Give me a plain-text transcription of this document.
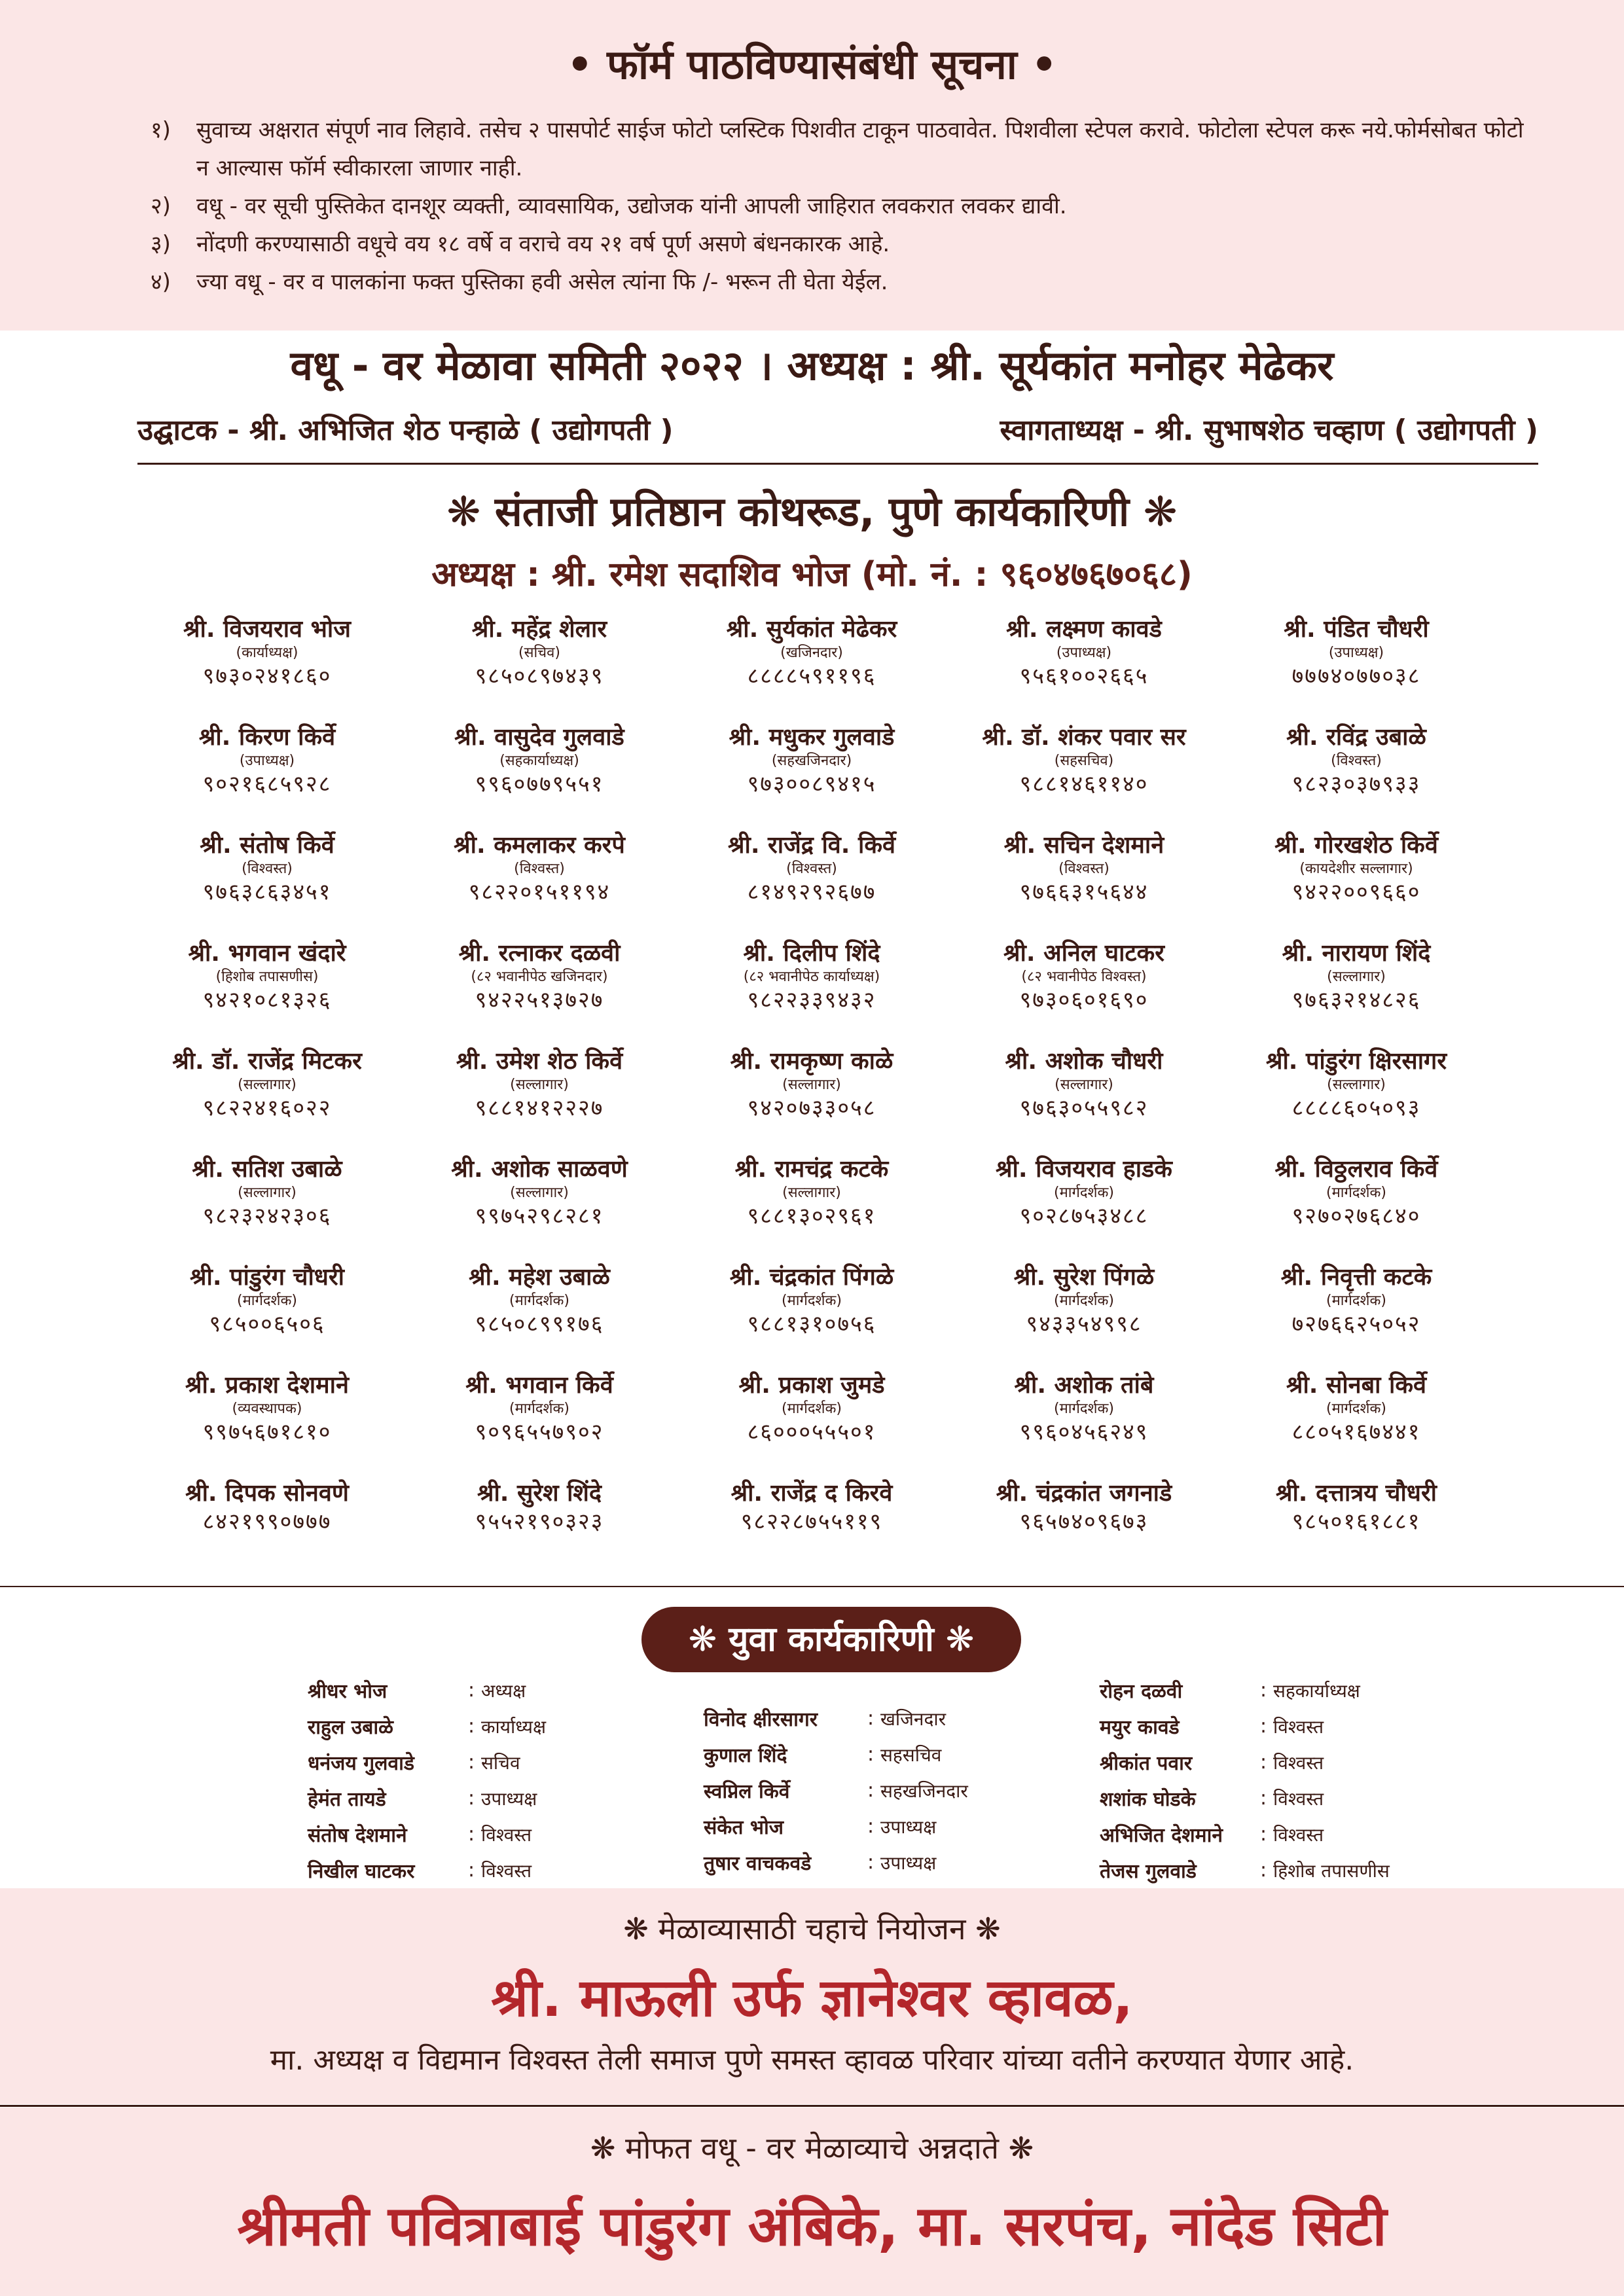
• फॉर्म पाठविण्यासंबंधी सूचना •
१)	सुवाच्य अक्षरात संपूर्ण नाव लिहावे. तसेच २ पासपोर्ट साईज फोटो प्लस्टिक पिशवीत टाकून पाठवावेत. पिशवीला स्टेपल करावे. फोटोला स्टेपल करू नये.फोर्मसोबत फोटो न आल्यास फॉर्म स्वीकारला जाणार नाही.
२)	वधू - वर सूची पुस्तिकेत दानशूर व्यक्ती, व्यावसायिक, उद्योजक यांनी आपली जाहिरात लवकरात लवकर द्यावी.
३)	नोंदणी करण्यासाठी वधूचे वय १८ वर्षे व वराचे वय २१ वर्ष पूर्ण असणे बंधनकारक आहे.
४)	ज्या वधू - वर व पालकांना फक्त पुस्तिका हवी असेल त्यांना फि /- भरून ती घेता येईल.
वधू - वर मेळावा समिती २०२२ । अध्यक्ष : श्री. सूर्यकांत मनोहर मेढेकर
उद्घाटक - श्री. अभिजित शेठ पन्हाळे ( उद्योगपती )	स्वागताध्यक्ष - श्री. सुभाषशेठ चव्हाण ( उद्योगपती )
❋ संताजी प्रतिष्ठान कोथरूड, पुणे कार्यकारिणी ❋
अध्यक्ष : श्री. रमेश सदाशिव भोज (मो. नं. : ९६०४७६७०६८)
श्री. विजयराव भोज
(कार्याध्यक्ष)
९७३०२४१८६०
श्री. महेंद्र शेलार
(सचिव)
९८५०८९७४३९
श्री. सुर्यकांत मेढेकर
(खजिनदार)
८८८८५९११९६
श्री. लक्ष्मण कावडे
(उपाध्यक्ष)
९५६१००२६६५
श्री. पंडित चौधरी
(उपाध्यक्ष)
७७७४०७७०३८
श्री. किरण किर्वे
(उपाध्यक्ष)
९०२१६८५९२८
श्री. वासुदेव गुलवाडे
(सहकार्याध्यक्ष)
९९६०७७९५५१
श्री. मधुकर गुलवाडे
(सहखजिनदार)
९७३००८९४१५
श्री. डॉ. शंकर पवार सर
(सहसचिव)
९८८१४६११४०
श्री. रविंद्र उबाळे
(विश्वस्त)
९८२३०३७९३३
श्री. संतोष किर्वे
(विश्वस्त)
९७६३८६३४५१
श्री. कमलाकर करपे
(विश्वस्त)
९८२२०१५११९४
श्री. राजेंद्र वि. किर्वे
(विश्वस्त)
८१४९२९२६७७
श्री. सचिन देशमाने
(विश्वस्त)
९७६६३१५६४४
श्री. गोरखशेठ किर्वे
(कायदेशीर सल्लागार)
९४२२००९६६०
श्री. भगवान खंदारे
(हिशोब तपासणीस)
९४२१०८१३२६
श्री. रत्नाकर दळवी
(८२ भवानीपेठ खजिनदार)
९४२२५१३७२७
श्री. दिलीप शिंदे
(८२ भवानीपेठ कार्याध्यक्ष)
९८२२३३९४३२
श्री. अनिल घाटकर
(८२ भवानीपेठ विश्वस्त)
९७३०६०१६९०
श्री. नारायण शिंदे
(सल्लागार)
९७६३२१४८२६
श्री. डॉ. राजेंद्र मिटकर
(सल्लागार)
९८२२४१६०२२
श्री. उमेश शेठ किर्वे
(सल्लागार)
९८८१४१२२२७
श्री. रामकृष्ण काळे
(सल्लागार)
९४२०७३३०५८
श्री. अशोक चौधरी
(सल्लागार)
९७६३०५५९८२
श्री. पांडुरंग क्षिरसागर
(सल्लागार)
८८८८६०५०९३
श्री. सतिश उबाळे
(सल्लागार)
९८२३२४२३०६
श्री. अशोक साळवणे
(सल्लागार)
९९७५२९८२८१
श्री. रामचंद्र कटके
(सल्लागार)
९८८१३०२९६१
श्री. विजयराव हाडके
(मार्गदर्शक)
९०२८७५३४८८
श्री. विठ्ठलराव किर्वे
(मार्गदर्शक)
९२७०२७६८४०
श्री. पांडुरंग चौधरी
(मार्गदर्शक)
९८५००६५०६
श्री. महेश उबाळे
(मार्गदर्शक)
९८५०८९९१७६
श्री. चंद्रकांत पिंगळे
(मार्गदर्शक)
९८८१३१०७५६
श्री. सुरेश पिंगळे
(मार्गदर्शक)
९४३३५४९९८
श्री. निवृत्ती कटके
(मार्गदर्शक)
७२७६६२५०५२
श्री. प्रकाश देशमाने
(व्यवस्थापक)
९९७५६७१८१०
श्री. भगवान किर्वे
(मार्गदर्शक)
९०९६५५७९०२
श्री. प्रकाश जुमडे
(मार्गदर्शक)
८६०००५५५०१
श्री. अशोक तांबे
(मार्गदर्शक)
९९६०४५६२४९
श्री. सोनबा किर्वे
(मार्गदर्शक)
८८०५१६७४४१
श्री. दिपक सोनवणे
८४२१९९०७७७
श्री. सुरेश शिंदे
९५५२१९०३२३
श्री. राजेंद्र द किरवे
९८२२८७५५११९
श्री. चंद्रकांत जगनाडे
९६५७४०९६७३
श्री. दत्तात्रय चौधरी
९८५०१६१८८१
❋ युवा कार्यकारिणी ❋
श्रीधर भोज	: अध्यक्ष
राहुल उबाळे	: कार्याध्यक्ष
धनंजय गुलवाडे	: सचिव
हेमंत तायडे	: उपाध्यक्ष
संतोष देशमाने	: विश्वस्त
निखील घाटकर	: विश्वस्त
विनोद क्षीरसागर	: खजिनदार
कुणाल शिंदे	: सहसचिव
स्वप्निल किर्वे	: सहखजिनदार
संकेत भोज	: उपाध्यक्ष
तुषार वाचकवडे	: उपाध्यक्ष
रोहन दळवी	: सहकार्याध्यक्ष
मयुर कावडे	: विश्वस्त
श्रीकांत पवार	: विश्वस्त
शशांक घोडके	: विश्वस्त
अभिजित देशमाने	: विश्वस्त
तेजस गुलवाडे	: हिशोब तपासणीस
❋ मेळाव्यासाठी चहाचे नियोजन ❋
श्री. माऊली उर्फ ज्ञानेश्वर व्हावळ,
मा. अध्यक्ष व विद्यमान विश्वस्त तेली समाज पुणे समस्त व्हावळ परिवार यांच्या वतीने करण्यात येणार आहे.
❋ मोफत वधू - वर मेळाव्याचे अन्नदाते ❋
श्रीमती पवित्राबाई पांडुरंग अंबिके, मा. सरपंच, नांदेड सिटी
